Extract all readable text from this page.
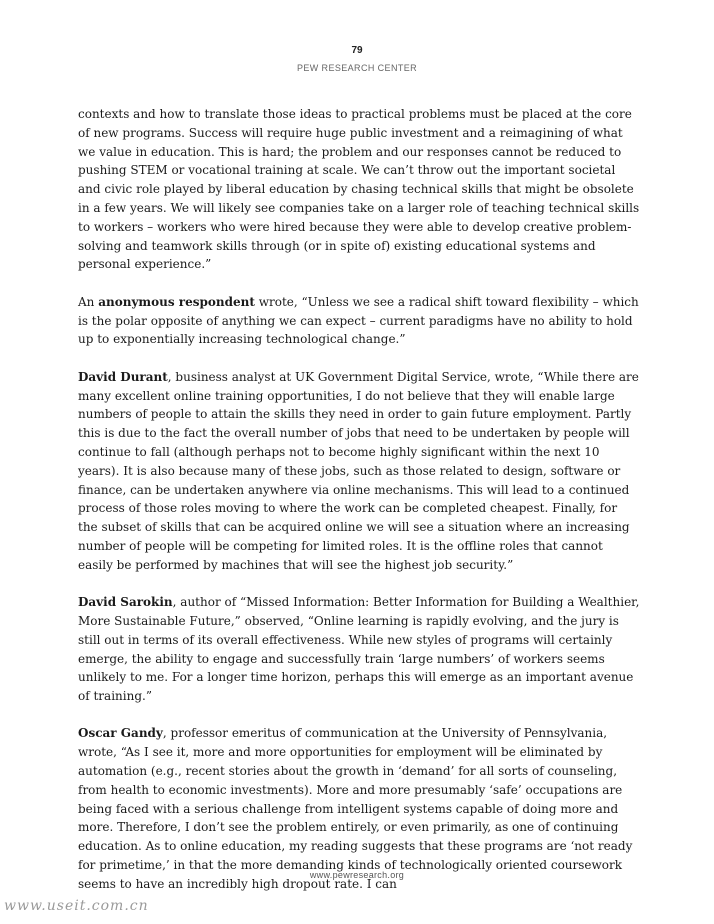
79
PEW RESEARCH CENTER

contexts and how to translate those ideas to practical problems must be placed at the core of new programs. Success will require huge public investment and a reimagining of what we value in education. This is hard; the problem and our responses cannot be reduced to pushing STEM or vocational training at scale. We can’t throw out the important societal and civic role played by liberal education by chasing technical skills that might be obsolete in a few years. We will likely see companies take on a larger role of teaching technical skills to workers – workers who were hired because they were able to develop creative problem-solving and teamwork skills through (or in spite of) existing educational systems and personal experience.”

An anonymous respondent wrote, “Unless we see a radical shift toward flexibility – which is the polar opposite of anything we can expect – current paradigms have no ability to hold up to exponentially increasing technological change.”

David Durant, business analyst at UK Government Digital Service, wrote, “While there are many excellent online training opportunities, I do not believe that they will enable large numbers of people to attain the skills they need in order to gain future employment. Partly this is due to the fact the overall number of jobs that need to be undertaken by people will continue to fall (although perhaps not to become highly significant within the next 10 years). It is also because many of these jobs, such as those related to design, software or finance, can be undertaken anywhere via online mechanisms. This will lead to a continued process of those roles moving to where the work can be completed cheapest. Finally, for the subset of skills that can be acquired online we will see a situation where an increasing number of people will be competing for limited roles. It is the offline roles that cannot easily be performed by machines that will see the highest job security.”

David Sarokin, author of “Missed Information: Better Information for Building a Wealthier, More Sustainable Future,” observed, “Online learning is rapidly evolving, and the jury is still out in terms of its overall effectiveness. While new styles of programs will certainly emerge, the ability to engage and successfully train ‘large numbers’ of workers seems unlikely to me. For a longer time horizon, perhaps this will emerge as an important avenue of training.”

Oscar Gandy, professor emeritus of communication at the University of Pennsylvania, wrote, “As I see it, more and more opportunities for employment will be eliminated by automation (e.g., recent stories about the growth in ‘demand’ for all sorts of counseling, from health to economic investments). More and more presumably ‘safe’ occupations are being faced with a serious challenge from intelligent systems capable of doing more and more. Therefore, I don’t see the problem entirely, or even primarily, as one of continuing education. As to online education, my reading suggests that these programs are ‘not ready for primetime,’ in that the more demanding kinds of technologically oriented coursework seems to have an incredibly high dropout rate. I can

www.pewresearch.org
www.useit.com.cn
